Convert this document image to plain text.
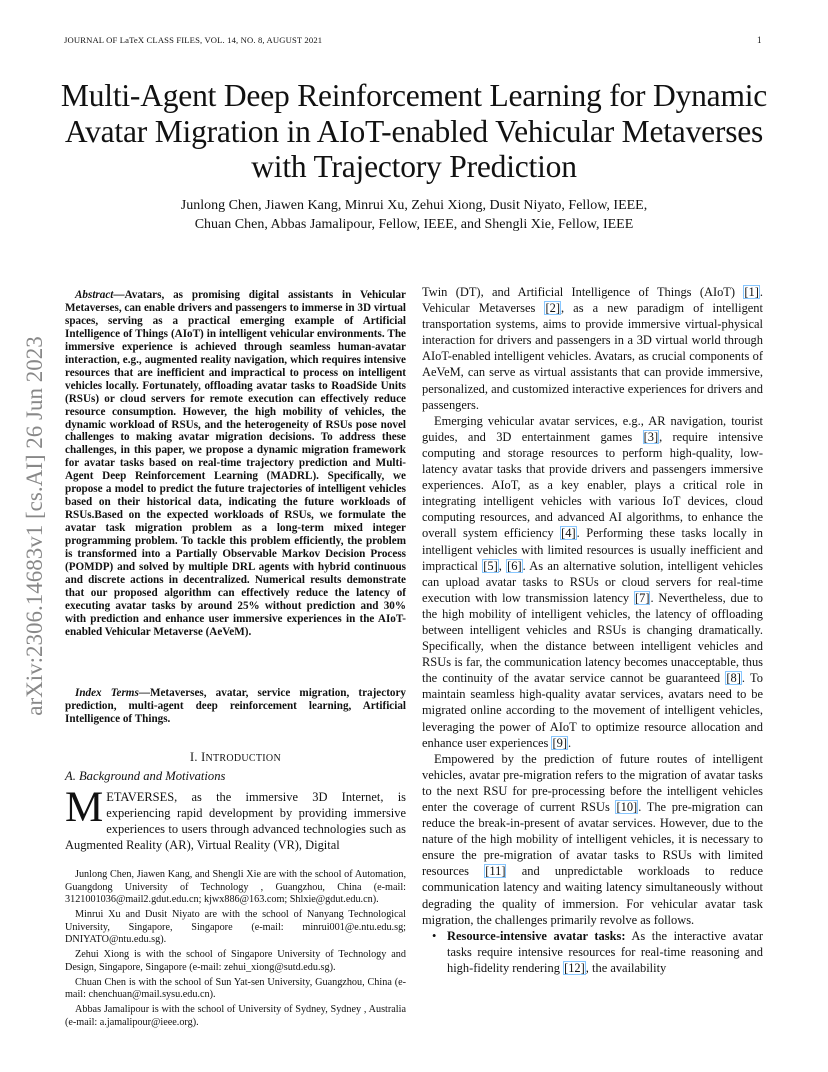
JOURNAL OF LaTeX CLASS FILES, VOL. 14, NO. 8, AUGUST 2021	1
Multi-Agent Deep Reinforcement Learning for Dynamic Avatar Migration in AIoT-enabled Vehicular Metaverses with Trajectory Prediction
Junlong Chen, Jiawen Kang, Minrui Xu, Zehui Xiong, Dusit Niyato, Fellow, IEEE,
Chuan Chen, Abbas Jamalipour, Fellow, IEEE, and Shengli Xie, Fellow, IEEE
arXiv:2306.14683v1 [cs.AI] 26 Jun 2023
Abstract—Avatars, as promising digital assistants in Vehicular Metaverses, can enable drivers and passengers to immerse in 3D virtual spaces, serving as a practical emerging example of Artificial Intelligence of Things (AIoT) in intelligent vehicular environments. The immersive experience is achieved through seamless human-avatar interaction, e.g., augmented reality navigation, which requires intensive resources that are inefficient and impractical to process on intelligent vehicles locally. Fortunately, offloading avatar tasks to RoadSide Units (RSUs) or cloud servers for remote execution can effectively reduce resource consumption. However, the high mobility of vehicles, the dynamic workload of RSUs, and the heterogeneity of RSUs pose novel challenges to making avatar migration decisions. To address these challenges, in this paper, we propose a dynamic migration framework for avatar tasks based on real-time trajectory prediction and Multi-Agent Deep Reinforcement Learning (MADRL). Specifically, we propose a model to predict the future trajectories of intelligent vehicles based on their historical data, indicating the future workloads of RSUs.Based on the expected workloads of RSUs, we formulate the avatar task migration problem as a long-term mixed integer programming problem. To tackle this problem efficiently, the problem is transformed into a Partially Observable Markov Decision Process (POMDP) and solved by multiple DRL agents with hybrid continuous and discrete actions in decentralized. Numerical results demonstrate that our proposed algorithm can effectively reduce the latency of executing avatar tasks by around 25% without prediction and 30% with prediction and enhance user immersive experiences in the AIoT-enabled Vehicular Metaverse (AeVeM).
Index Terms—Metaverses, avatar, service migration, trajectory prediction, multi-agent deep reinforcement learning, Artificial Intelligence of Things.
I. INTRODUCTION
A. Background and Motivations
METAVERSES, as the immersive 3D Internet, is experiencing rapid development by providing immersive experiences to users through advanced technologies such as Augmented Reality (AR), Virtual Reality (VR), Digital

Junlong Chen, Jiawen Kang, and Shengli Xie are with the school of Automation, Guangdong University of Technology , Guangzhou, China (e-mail: 3121001036@mail2.gdut.edu.cn; kjwx886@163.com; Shlxie@gdut.edu.cn).

Minrui Xu and Dusit Niyato are with the school of Nanyang Technological University, Singapore, Singapore (e-mail: minrui001@e.ntu.edu.sg; DNIYATO@ntu.edu.sg).

Zehui Xiong is with the school of Singapore University of Technology and Design, Singapore, Singapore (e-mail: zehui_xiong@sutd.edu.sg).

Chuan Chen is with the school of Sun Yat-sen University, Guangzhou, China (e-mail: chenchuan@mail.sysu.edu.cn).

Abbas Jamalipour is with the school of University of Sydney, Sydney , Australia (e-mail: a.jamalipour@ieee.org).

Twin (DT), and Artificial Intelligence of Things (AIoT) [1]. Vehicular Metaverses [2], as a new paradigm of intelligent transportation systems, aims to provide immersive virtual-physical interaction for drivers and passengers in a 3D virtual world through AIoT-enabled intelligent vehicles. Avatars, as crucial components of AeVeM, can serve as virtual assistants that can provide immersive, personalized, and customized interactive experiences for drivers and passengers.

Emerging vehicular avatar services, e.g., AR navigation, tourist guides, and 3D entertainment games [3], require intensive computing and storage resources to perform high-quality, low-latency avatar tasks that provide drivers and passengers immersive experiences. AIoT, as a key enabler, plays a critical role in integrating intelligent vehicles with various IoT devices, cloud computing resources, and advanced AI algorithms, to enhance the overall system efficiency [4]. Performing these tasks locally in intelligent vehicles with limited resources is usually inefficient and impractical [5], [6]. As an alternative solution, intelligent vehicles can upload avatar tasks to RSUs or cloud servers for real-time execution with low transmission latency [7]. Nevertheless, due to the high mobility of intelligent vehicles, the latency of offloading between intelligent vehicles and RSUs is changing dramatically. Specifically, when the distance between intelligent vehicles and RSUs is far, the communication latency becomes unacceptable, thus the continuity of the avatar service cannot be guaranteed [8]. To maintain seamless high-quality avatar services, avatars need to be migrated online according to the movement of intelligent vehicles, leveraging the power of AIoT to optimize resource allocation and enhance user experiences [9].

Empowered by the prediction of future routes of intelligent vehicles, avatar pre-migration refers to the migration of avatar tasks to the next RSU for pre-processing before the intelligent vehicles enter the coverage of current RSUs [10]. The pre-migration can reduce the break-in-present of avatar services. However, due to the nature of the high mobility of intelligent vehicles, it is necessary to ensure the pre-migration of avatar tasks to RSUs with limited resources [11] and unpredictable workloads to reduce communication latency and waiting latency simultaneously without degrading the quality of immersion. For vehicular avatar task migration, the challenges primarily revolve as follows.

• Resource-intensive avatar tasks: As the interactive avatar tasks require intensive resources for real-time reasoning and high-fidelity rendering [12], the availability
